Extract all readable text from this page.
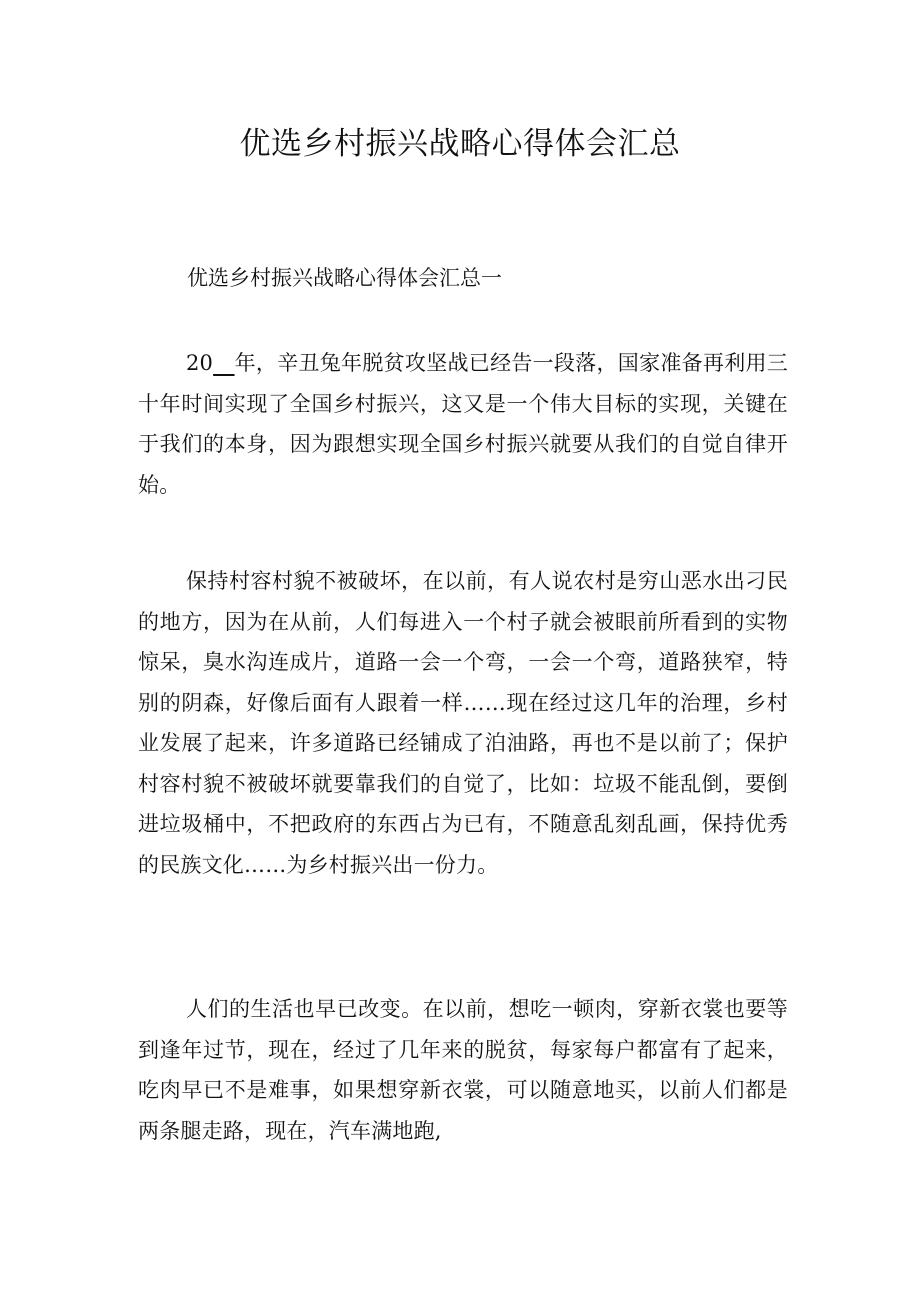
优选乡村振兴战略心得体会汇总
优选乡村振兴战略心得体会汇总一

20__年，辛丑兔年脱贫攻坚战已经告一段落，国家准备再利用三十年时间实现了全国乡村振兴，这又是一个伟大目标的实现，关键在于我们的本身，因为跟想实现全国乡村振兴就要从我们的自觉自律开始。

保持村容村貌不被破坏，在以前，有人说农村是穷山恶水出刁民的地方，因为在从前，人们每进入一个村子就会被眼前所看到的实物惊呆，臭水沟连成片，道路一会一个弯，一会一个弯，道路狭窄，特别的阴森，好像后面有人跟着一样……现在经过这几年的治理，乡村业发展了起来，许多道路已经铺成了泊油路，再也不是以前了；保护村容村貌不被破坏就要靠我们的自觉了，比如：垃圾不能乱倒，要倒进垃圾桶中，不把政府的东西占为已有，不随意乱刻乱画，保持优秀的民族文化……为乡村振兴出一份力。

人们的生活也早已改变。在以前，想吃一顿肉，穿新衣裳也要等到逢年过节，现在，经过了几年来的脱贫，每家每户都富有了起来，吃肉早已不是难事，如果想穿新衣裳，可以随意地买，以前人们都是两条腿走路，现在，汽车满地跑,
